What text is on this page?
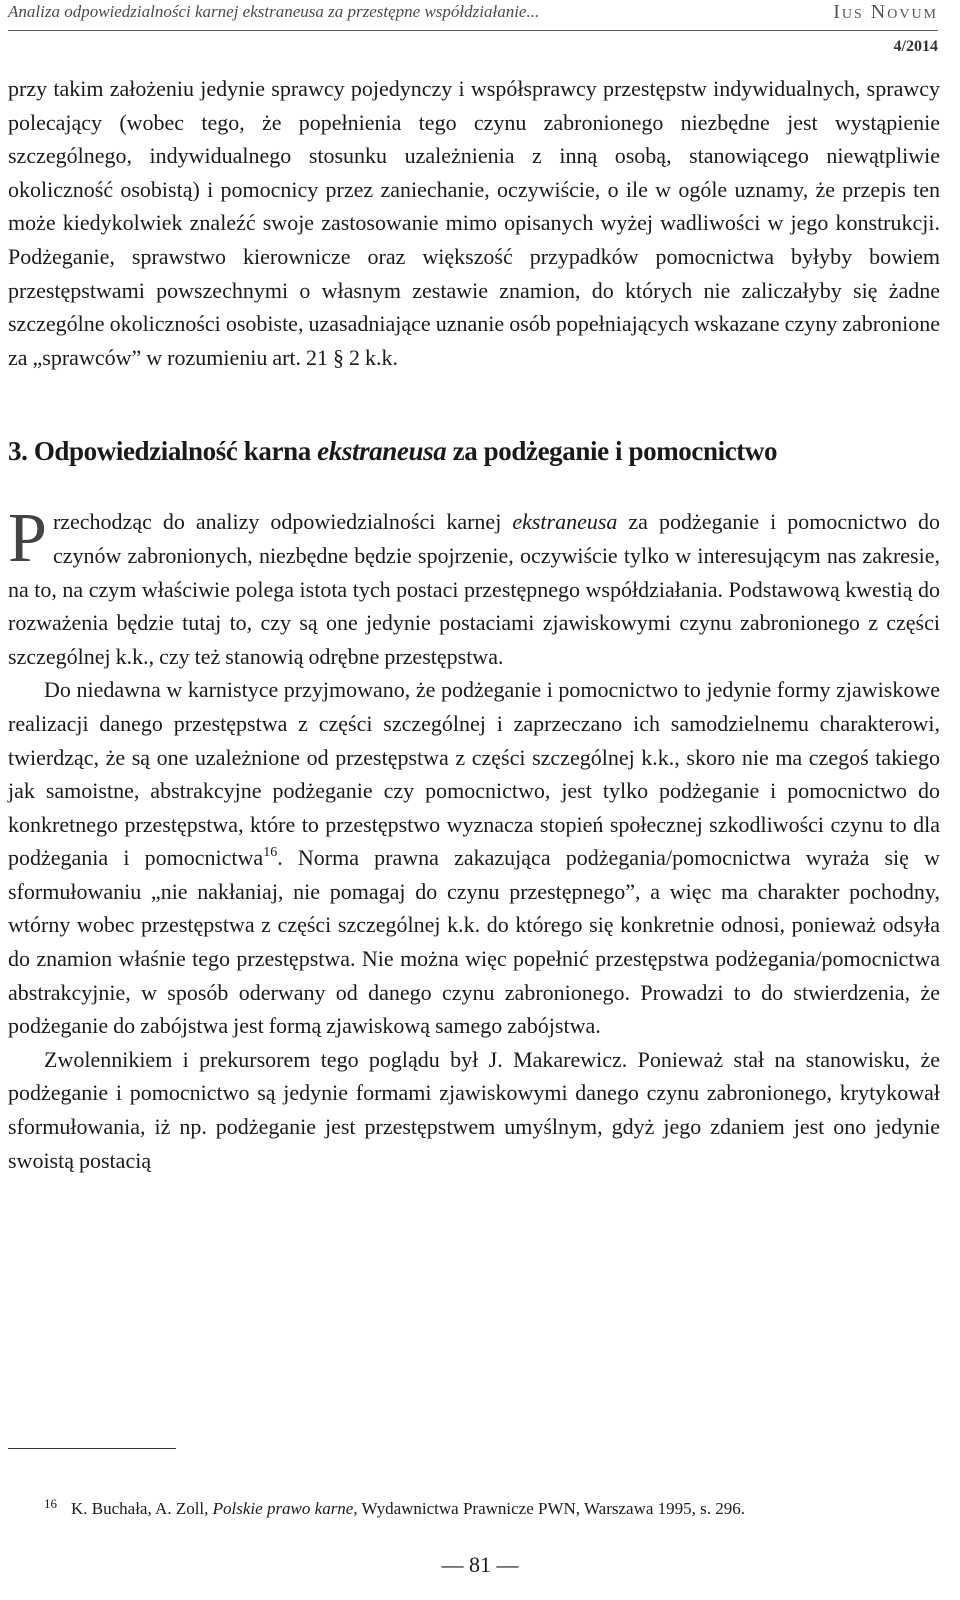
Analiza odpowiedzialności karnej ekstraneusa za przestępne współdziałanie...	Ius Novum
4/2014

przy takim założeniu jedynie sprawcy pojedynczy i współsprawcy przestępstw indywidualnych, sprawcy polecający (wobec tego, że popełnienia tego czynu zabronionego niezbędne jest wystąpienie szczególnego, indywidualnego stosunku uzależnienia z inną osobą, stanowiącego niewątpliwie okoliczność osobistą) i pomocnicy przez zaniechanie, oczywiście, o ile w ogóle uznamy, że przepis ten może kiedykolwiek znaleźć swoje zastosowanie mimo opisanych wyżej wadliwości w jego konstrukcji. Podżeganie, sprawstwo kierownicze oraz większość przypadków pomocnictwa byłyby bowiem przestępstwami powszechnymi o własnym zestawie znamion, do których nie zaliczałyby się żadne szczególne okoliczności osobiste, uzasadniające uznanie osób popełniających wskazane czyny zabronione za „sprawców” w rozumieniu art. 21 § 2 k.k.

3. Odpowiedzialność karna ekstraneusa za podżeganie i pomocnictwo

Przechodząc do analizy odpowiedzialności karnej ekstraneusa za podżeganie i pomocnictwo do czynów zabronionych, niezbędne będzie spojrzenie, oczywiście tylko w interesującym nas zakresie, na to, na czym właściwie polega istota tych postaci przestępnego współdziałania. Podstawową kwestią do rozważenia będzie tutaj to, czy są one jedynie postaciami zjawiskowymi czynu zabronionego z części szczególnej k.k., czy też stanowią odrębne przestępstwa.

Do niedawna w karnistyce przyjmowano, że podżeganie i pomocnictwo to jedynie formy zjawiskowe realizacji danego przestępstwa z części szczególnej i zaprzeczano ich samodzielnemu charakterowi, twierdząc, że są one uzależnione od przestępstwa z części szczególnej k.k., skoro nie ma czegoś takiego jak samoistne, abstrakcyjne podżeganie czy pomocnictwo, jest tylko podżeganie i pomocnictwo do konkretnego przestępstwa, które to przestępstwo wyznacza stopień społecznej szkodliwości czynu to dla podżegania i pomocnictwa$^{16}$. Norma prawna zakazująca podżegania/pomocnictwa wyraża się w sformułowaniu „nie nakłaniaj, nie pomagaj do czynu przestępnego”, a więc ma charakter pochodny, wtórny wobec przestępstwa z części szczególnej k.k. do którego się konkretnie odnosi, ponieważ odsyła do znamion właśnie tego przestępstwa. Nie można więc popełnić przestępstwa podżegania/pomocnictwa abstrakcyjnie, w sposób oderwany od danego czynu zabronionego. Prowadzi to do stwierdzenia, że podżeganie do zabójstwa jest formą zjawiskową samego zabójstwa.

Zwolennikiem i prekursorem tego poglądu był J. Makarewicz. Ponieważ stał na stanowisku, że podżeganie i pomocnictwo są jedynie formami zjawiskowymi danego czynu zabronionego, krytykował sformułowania, iż np. podżeganie jest przestępstwem umyślnym, gdyż jego zdaniem jest ono jedynie swoistą postacią

$^{16}$ K. Buchała, A. Zoll, Polskie prawo karne, Wydawnictwa Prawnicze PWN, Warszawa 1995, s. 296.
— 81 —
